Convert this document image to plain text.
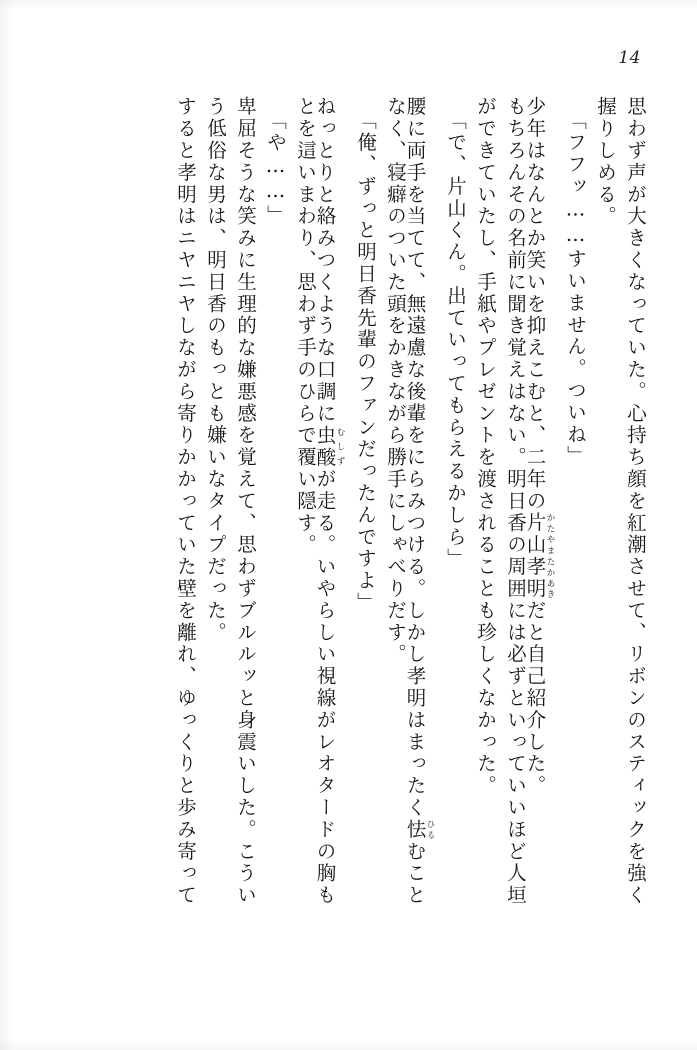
14
思わず声が大きくなっていた。心持ち顔を紅潮させて、リボンのスティックを強く
握りしめる。
「フフッ……すいません。ついね」
少年はなんとか笑いを抑えこむと、二年の片山孝明かたやまたかあきだと自己紹介した。
もちろんその名前に聞き覚えはない。明日香の周囲には必ずといっていいほど人垣
ができていたし、手紙やプレゼントを渡されることも珍しくなかった。
「で、片山くん。出ていってもらえるかしら」
腰に両手を当てて、無遠慮な後輩をにらみつける。しかし孝明はまったく怯ひるむこと
なく、寝癖のついた頭をかきながら勝手にしゃべりだす。
「俺、ずっと明日香先輩のファンだったんですよ」
ねっとりと絡みつくような口調に虫酸むしずが走る。いやらしい視線がレオタードの胸も
とを這いまわり、思わず手のひらで覆い隠す。
「や……」
卑屈そうな笑みに生理的な嫌悪感を覚えて、思わずブルルッと身震いした。こうい
う低俗な男は、明日香のもっとも嫌いなタイプだった。
すると孝明はニヤニヤしながら寄りかかっていた壁を離れ、ゆっくりと歩み寄って
